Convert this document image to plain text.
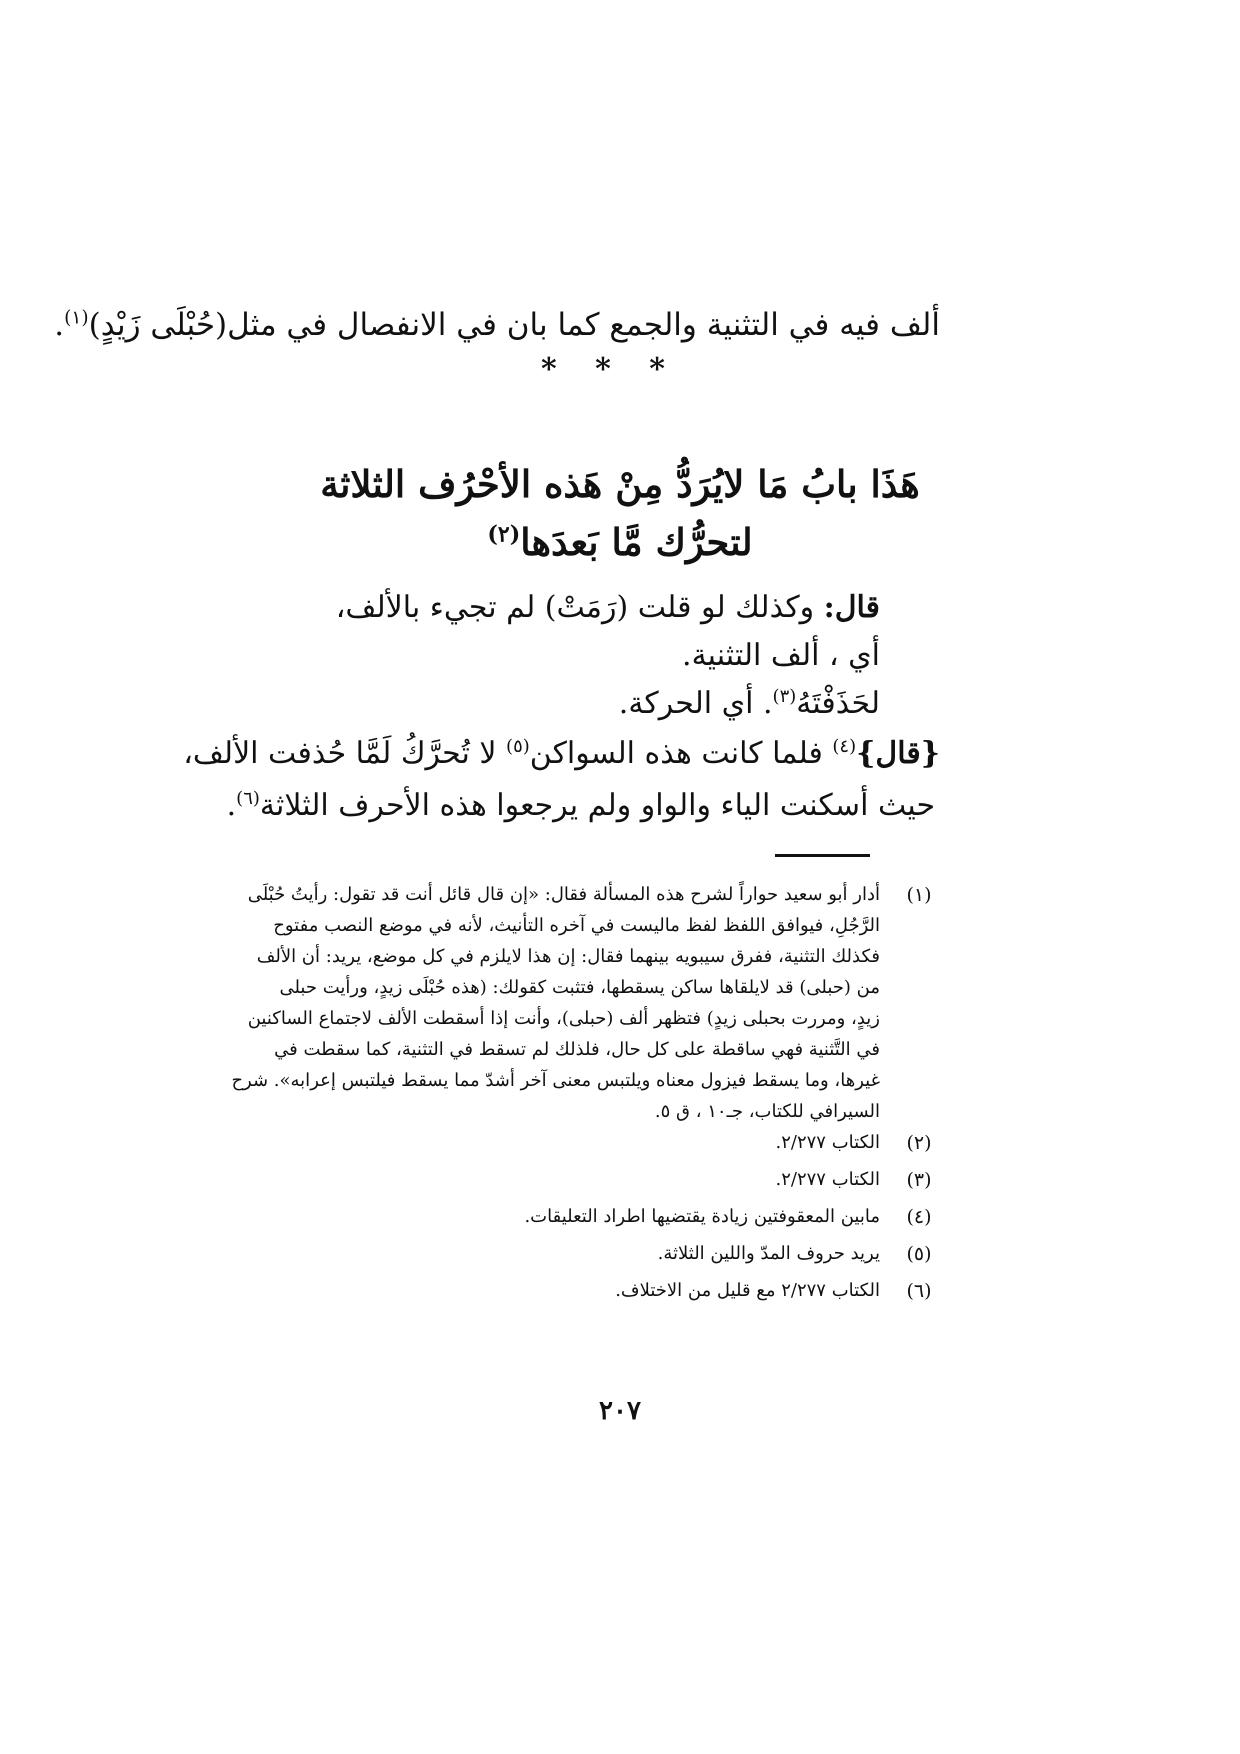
ألف فيه في التثنية والجمع كما بان في الانفصال في مثل(حُبْلَى زَيْدٍ)$^{(١)}$.
* * *
هَذَا بابُ مَا لايُرَدُّ مِنْ هَذه الأحْرُف الثلاثة
لتحرُّك مَّا بَعدَها$^{(٢)}$
قال: وكذلك لو قلت (رَمَتْ) لم تجيء بالألف،
أي ، ألف التثنية.
لحَذَفْتَهُ$^{(٣)}$. أي الحركة.
{قال}$^{(٤)}$ فلما كانت هذه السواكن$^{(٥)}$ لا تُحرَّكُ لَمَّا حُذفت الألف،
حيث أسكنت الياء والواو ولم يرجعوا هذه الأحرف الثلاثة$^{(٦)}$.
(١)
أدار أبو سعيد حواراً لشرح هذه المسألة فقال: «إن قال قائل أنت قد تقول: رأيتُ حُبْلَى
الرَّجُلِ، فيوافق اللفظ لفظ ماليست في آخره التأنيث، لأنه في موضع النصب مفتوح
فكذلك التثنية، ففرق سيبويه بينهما فقال: إن هذا لايلزم في كل موضع، يريد: أن الألف
من (حبلى) قد لايلقاها ساكن يسقطها، فتثبت كقولك: (هذه حُبْلَى زيدٍ، ورأيت حبلى
زيدٍ، ومررت بحبلى زيدٍ) فتظهر ألف (حبلى)، وأنت إذا أسقطت الألف لاجتماع الساكنين
في التَّثنية فهي ساقطة على كل حال، فلذلك لم تسقط في التثنية، كما سقطت في
غيرها، وما يسقط فيزول معناه ويلتبس معنى آخر أشدّ مما يسقط فيلتبس إعرابه». شرح
السيرافي للكتاب، جـ١٠ ، ق ٥.
(٢)
الكتاب ٢/٢٧٧.
(٣)
الكتاب ٢/٢٧٧.
(٤)
مابين المعقوفتين زيادة يقتضيها اطراد التعليقات.
(٥)
يريد حروف المدّ واللين الثلاثة.
(٦)
الكتاب ٢/٢٧٧ مع قليل من الاختلاف.
٢٠٧
